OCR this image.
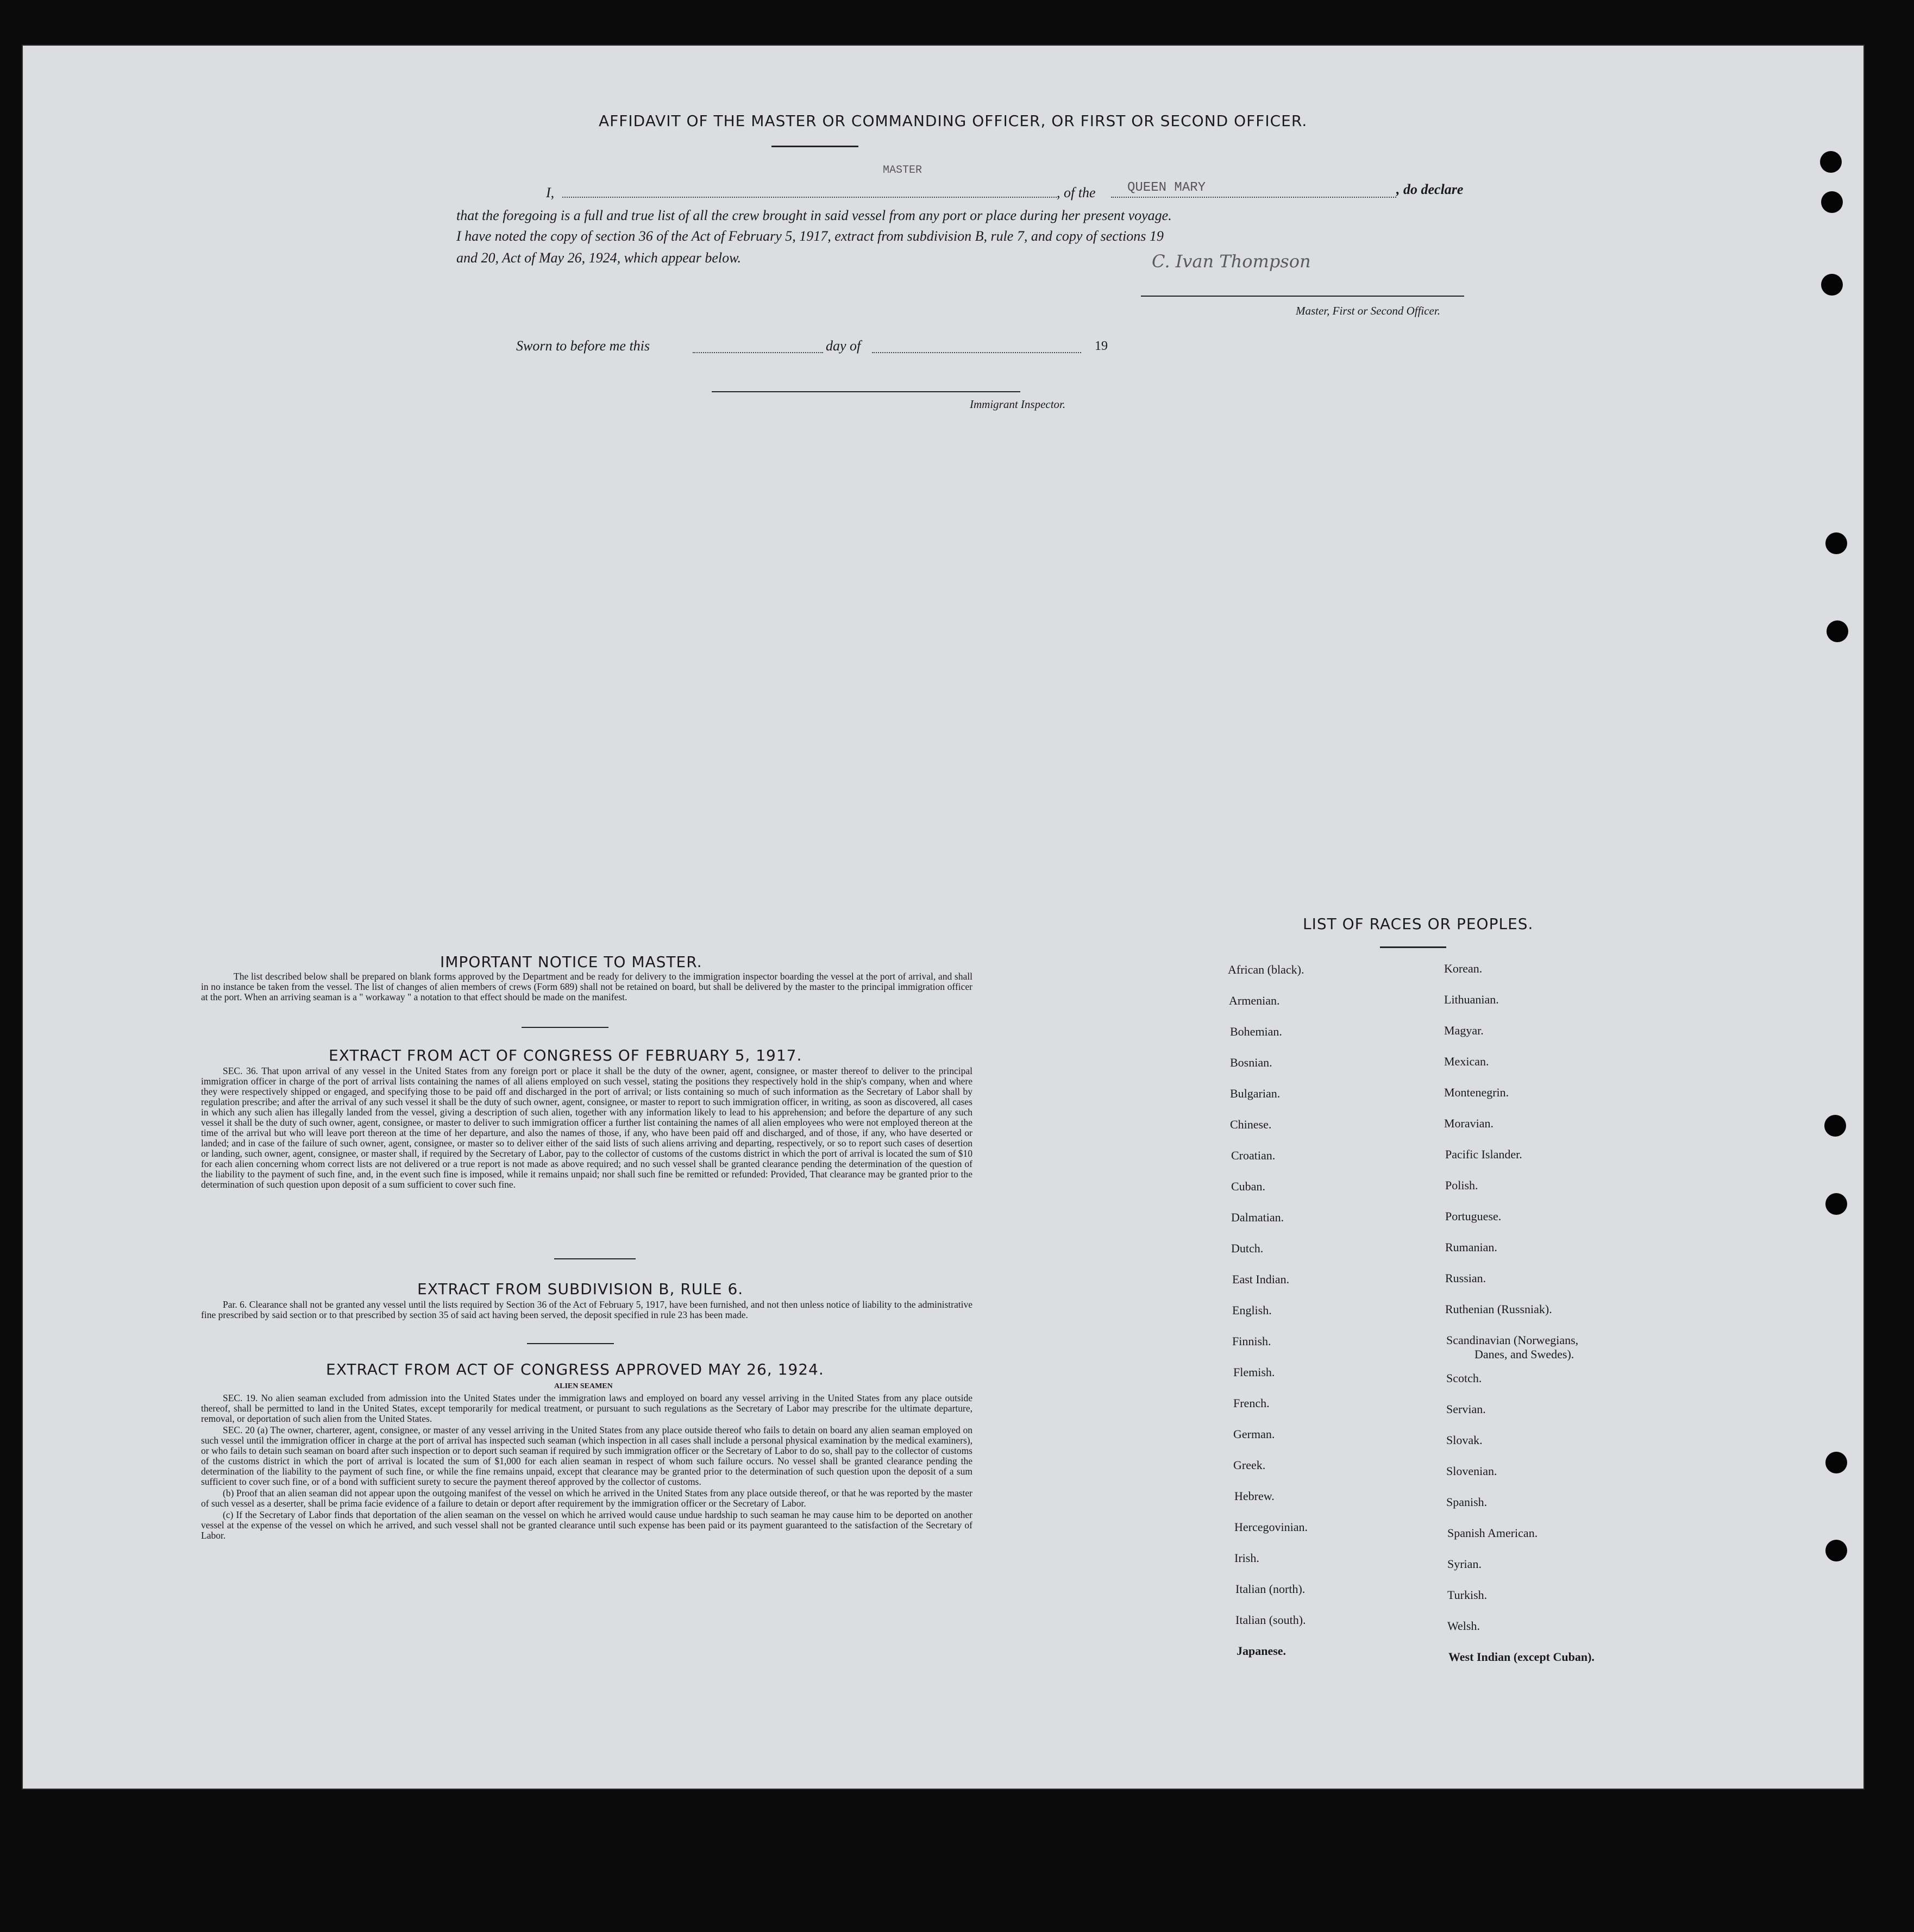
AFFIDAVIT OF THE MASTER OR COMMANDING OFFICER, OR FIRST OR SECOND OFFICER.
MASTER
I,	, of the QUEEN MARY	, do declare
that the foregoing is a full and true list of all the crew brought in said vessel from any port or place during her present voyage.
I have noted the copy of section 36 of the Act of February 5, 1917, extract from subdivision B, rule 7, and copy of sections 19
and 20, Act of May 26, 1924, which appear below.	C. Ivan Thompson
Master, First or Second Officer.
Sworn to before me this	day of	19
Immigrant Inspector.
IMPORTANT NOTICE TO MASTER.

The list described below shall be prepared on blank forms approved by the Department and be ready for delivery to the immigration inspector boarding the vessel at the port of arrival, and shall in no instance be taken from the vessel. The list of changes of alien members of crews (Form 689) shall not be retained on board, but shall be delivered by the master to the principal immigration officer at the port. When an arriving seaman is a " workaway " a notation to that effect should be made on the manifest.

EXTRACT FROM ACT OF CONGRESS OF FEBRUARY 5, 1917.

SEC. 36. That upon arrival of any vessel in the United States from any foreign port or place it shall be the duty of the owner, agent, consignee, or master thereof to deliver to the principal immigration officer in charge of the port of arrival lists containing the names of all aliens employed on such vessel, stating the positions they respectively hold in the ship's company, when and where they were respectively shipped or engaged, and specifying those to be paid off and discharged in the port of arrival; or lists containing so much of such information as the Secretary of Labor shall by regulation prescribe; and after the arrival of any such vessel it shall be the duty of such owner, agent, consignee, or master to report to such immigration officer, in writing, as soon as discovered, all cases in which any such alien has illegally landed from the vessel, giving a description of such alien, together with any information likely to lead to his apprehension; and before the departure of any such vessel it shall be the duty of such owner, agent, consignee, or master to deliver to such immigration officer a further list containing the names of all alien employees who were not employed thereon at the time of the arrival but who will leave port thereon at the time of her departure, and also the names of those, if any, who have been paid off and discharged, and of those, if any, who have deserted or landed; and in case of the failure of such owner, agent, consignee, or master so to deliver either of the said lists of such aliens arriving and departing, respectively, or so to report such cases of desertion or landing, such owner, agent, consignee, or master shall, if required by the Secretary of Labor, pay to the collector of customs of the customs district in which the port of arrival is located the sum of $10 for each alien concerning whom correct lists are not delivered or a true report is not made as above required; and no such vessel shall be granted clearance pending the determination of the question of the liability to the payment of such fine, and, in the event such fine is imposed, while it remains unpaid; nor shall such fine be remitted or refunded: Provided, That clearance may be granted prior to the determination of such question upon deposit of a sum sufficient to cover such fine.

EXTRACT FROM SUBDIVISION B, RULE 6.

Par. 6. Clearance shall not be granted any vessel until the lists required by Section 36 of the Act of February 5, 1917, have been furnished, and not then unless notice of liability to the administrative fine prescribed by said section or to that prescribed by section 35 of said act having been served, the deposit specified in rule 23 has been made.

EXTRACT FROM ACT OF CONGRESS APPROVED MAY 26, 1924.
ALIEN SEAMEN

SEC. 19. No alien seaman excluded from admission into the United States under the immigration laws and employed on board any vessel arriving in the United States from any place outside thereof, shall be permitted to land in the United States, except temporarily for medical treatment, or pursuant to such regulations as the Secretary of Labor may prescribe for the ultimate departure, removal, or deportation of such alien from the United States.

SEC. 20 (a) The owner, charterer, agent, consignee, or master of any vessel arriving in the United States from any place outside thereof who fails to detain on board any alien seaman employed on such vessel until the immigration officer in charge at the port of arrival has inspected such seaman (which inspection in all cases shall include a personal physical examination by the medical examiners), or who fails to detain such seaman on board after such inspection or to deport such seaman if required by such immigration officer or the Secretary of Labor to do so, shall pay to the collector of customs of the customs district in which the port of arrival is located the sum of $1,000 for each alien seaman in respect of whom such failure occurs. No vessel shall be granted clearance pending the determination of the liability to the payment of such fine, or while the fine remains unpaid, except that clearance may be granted prior to the determination of such question upon the deposit of a sum sufficient to cover such fine, or of a bond with sufficient surety to secure the payment thereof approved by the collector of customs.

(b) Proof that an alien seaman did not appear upon the outgoing manifest of the vessel on which he arrived in the United States from any place outside thereof, or that he was reported by the master of such vessel as a deserter, shall be prima facie evidence of a failure to detain or deport after requirement by the immigration officer or the Secretary of Labor.

(c) If the Secretary of Labor finds that deportation of the alien seaman on the vessel on which he arrived would cause undue hardship to such seaman he may cause him to be deported on another vessel at the expense of the vessel on which he arrived, and such vessel shall not be granted clearance until such expense has been paid or its payment guaranteed to the satisfaction of the Secretary of Labor.

LIST OF RACES OR PEOPLES.
African (black).
Armenian.
Bohemian.
Bosnian.
Bulgarian.
Chinese.
Croatian.
Cuban.
Dalmatian.
Dutch.
East Indian.
English.
Finnish.
Flemish.
French.
German.
Greek.
Hebrew.
Hercegovinian.
Irish.
Italian (north).
Italian (south).
Japanese.
Korean.
Lithuanian.
Magyar.
Mexican.
Montenegrin.
Moravian.
Pacific Islander.
Polish.
Portuguese.
Rumanian.
Russian.
Ruthenian (Russniak).
Scandinavian (Norwegians,
Danes, and Swedes).
Scotch.
Servian.
Slovak.
Slovenian.
Spanish.
Spanish American.
Syrian.
Turkish.
Welsh.
West Indian (except Cuban).
